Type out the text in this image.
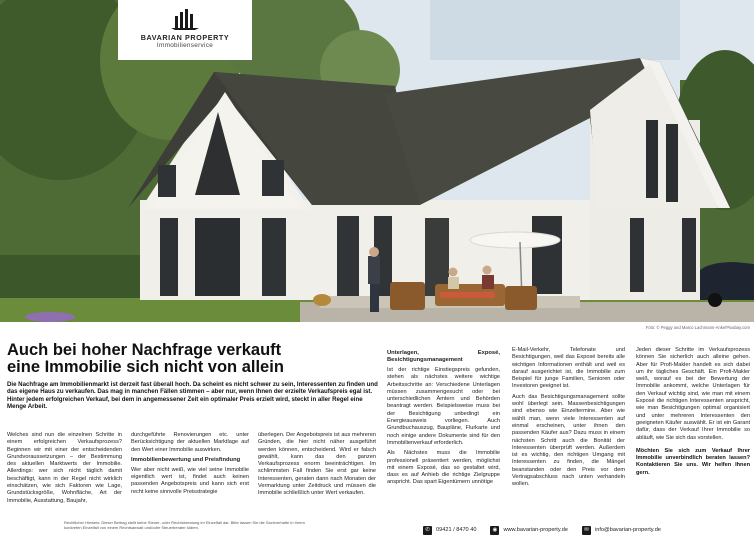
BAVARIAN PROPERTY
Immobilienservice
Foto: © Peggy und Marco Lachmann-Anke/Pixabay.com
Auch bei hoher Nachfrage verkauft
eine Immobilie sich nicht von allein

Die Nachfrage am Immobilienmarkt ist derzeit fast überall hoch. Da scheint es nicht schwer zu sein, Interessenten zu finden und das eigene Haus zu verkaufen. Das mag in manchen Fällen stimmen – aber nur, wenn Ihnen der erzielte Verkaufspreis egal ist. Hinter jedem erfolgreichen Verkauf, bei dem in angemessener Zeit ein optimaler Preis erzielt wird, steckt in aller Regel eine Menge Arbeit.

Welches sind nun die einzelnen Schritte in einem erfolgreichen Verkaufsprozess? Beginnen wir mit einer der entscheidenden Grundvoraussetzungen – der Bestimmung des aktuellen Marktwerts der Immobilie. Allerdings: wer sich nicht täglich damit beschäftigt, kann in der Regel nicht wirklich einschätzen, wie sich Faktoren wie Lage, Grundstücksgröße, Wohnfläche, Art der Immobilie, Ausstattung, Baujahr,

durchgeführte Renovierungen etc. unter Berücksichtigung der aktuellen Marktlage auf den Wert einer Immobilie auswirken.

Immobilienbewertung und Preisfindung

Wer aber nicht weiß, wie viel seine Immobilie eigentlich wert ist, findet auch keinen passenden Angebotspreis und kann sich erst recht keine sinnvolle Preisstrategie

überlegen. Der Angebotspreis ist aus mehreren Gründen, die hier nicht näher ausgeführt werden können, entscheidend. Wird er falsch gewählt, kann das den ganzen Verkaufsprozess enorm beeinträchtigen. Im schlimmsten Fall finden Sie erst gar keine Interessenten, geraten dann nach Monaten der Vermarktung unter Zeitdruck und müssen die Immobilie schließlich unter Wert verkaufen.

Unterlagen, Exposé, Besichtigungsmanagement

Ist der richtige Einstiegspreis gefunden, stehen als nächstes weitere wichtige Arbeitsschritte an: Verschiedene Unterlagen müssen zusammengesucht oder bei unterschiedlichen Ämtern und Behörden beantragt werden. Beispielsweise muss bei der Besichtigung unbedingt ein Energieausweis vorliegen. Auch Grundbuchauszug, Baupläne, Flurkarte und noch einige andere Dokumente sind für den Immobilienverkauf erforderlich.

Als Nächstes muss die Immobilie professionell präsentiert werden, möglichst mit einem Exposé, das so gestaltet wird, dass es auf Anhieb die richtige Zielgruppe anspricht. Das spart Eigentümern unnötige

E-Mail-Verkehr, Telefonate und Besichtigungen, weil das Exposé bereits alle wichtigen Informationen enthält und weil es darauf ausgerichtet ist, die Immobilie zum Beispiel für junge Familien, Senioren oder Investoren geeignet ist.

Auch das Besichtigungsmanagement sollte wohl überlegt sein. Massenbesichtigungen sind ebenso wie Einzeltermine. Aber wie wählt man, wenn viele Interessenten auf einmal erscheinen, unter ihnen den passenden Käufer aus? Dazu muss in einem nächsten Schritt auch die Bonität der Interessenten überprüft werden. Außerdem ist es wichtig, den richtigen Umgang mit Interessenten zu finden, die Mängel beanstanden oder den Preis vor dem Vertragsabschluss nach unten verhandeln wollen.

Jeden dieser Schritte im Verkaufsprozess können Sie sicherlich auch alleine gehen. Aber für Profi-Makler handelt es sich dabei um ihr tägliches Geschäft. Ein Profi-Makler weiß, worauf es bei der Bewertung der Immobilie ankommt, welche Unterlagen für den Verkauf wichtig sind, wie man mit einem Exposé die richtigen Interessenten anspricht, wie man Besichtigungen optimal organisiert und unter mehreren Interessenten den geeigneten Käufer auswählt. Er ist ein Garant dafür, dass der Verkauf Ihrer Immobilie so abläuft, wie Sie sich das vorstellen.

Möchten Sie sich zum Verkauf Ihrer Immobilie unverbindlich beraten lassen? Kontaktieren Sie uns. Wir helfen Ihnen gern.

Rechtlicher Hinweis: Dieser Beitrag stellt keine Steuer- oder Rechtsberatung im Einzelfall dar. Bitte lassen Sie die Sachverhalte in Ihrem konkreten Einzelfall von einem Rechtsanwalt und/oder Steuerberater klären.	✆	09421 / 8470 40	◉	www.bavarian-property.de	✉	info@bavarian-property.de
